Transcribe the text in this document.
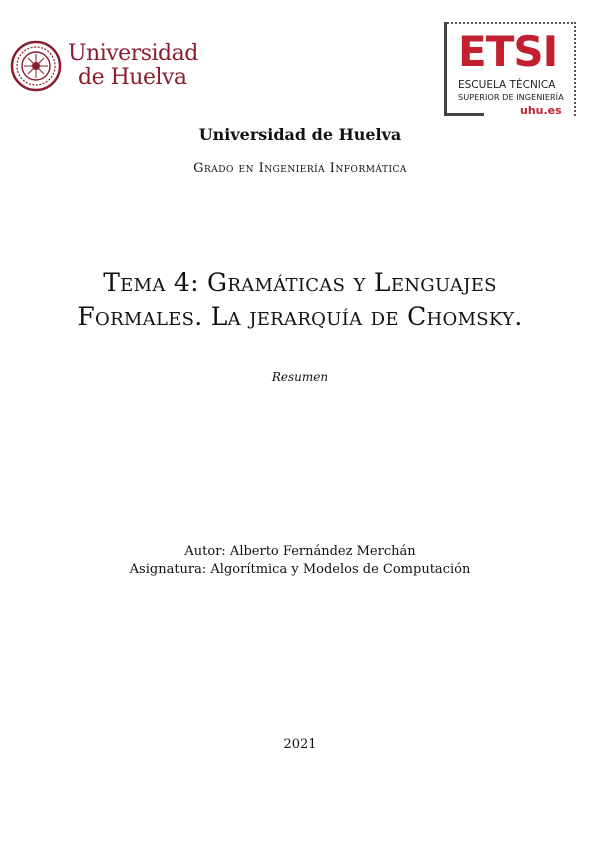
Universidad
de Huelva
ETSI
ESCUELA TÉCNICA
SUPERIOR DE INGENIERÍA
uhu.es
Universidad de Huelva
Grado en Ingeniería Informática
Tema 4: Gramáticas y Lenguajes
Formales. La jerarquía de Chomsky.
Resumen
Autor: Alberto Fernández Merchán
Asignatura: Algorítmica y Modelos de Computación
2021
